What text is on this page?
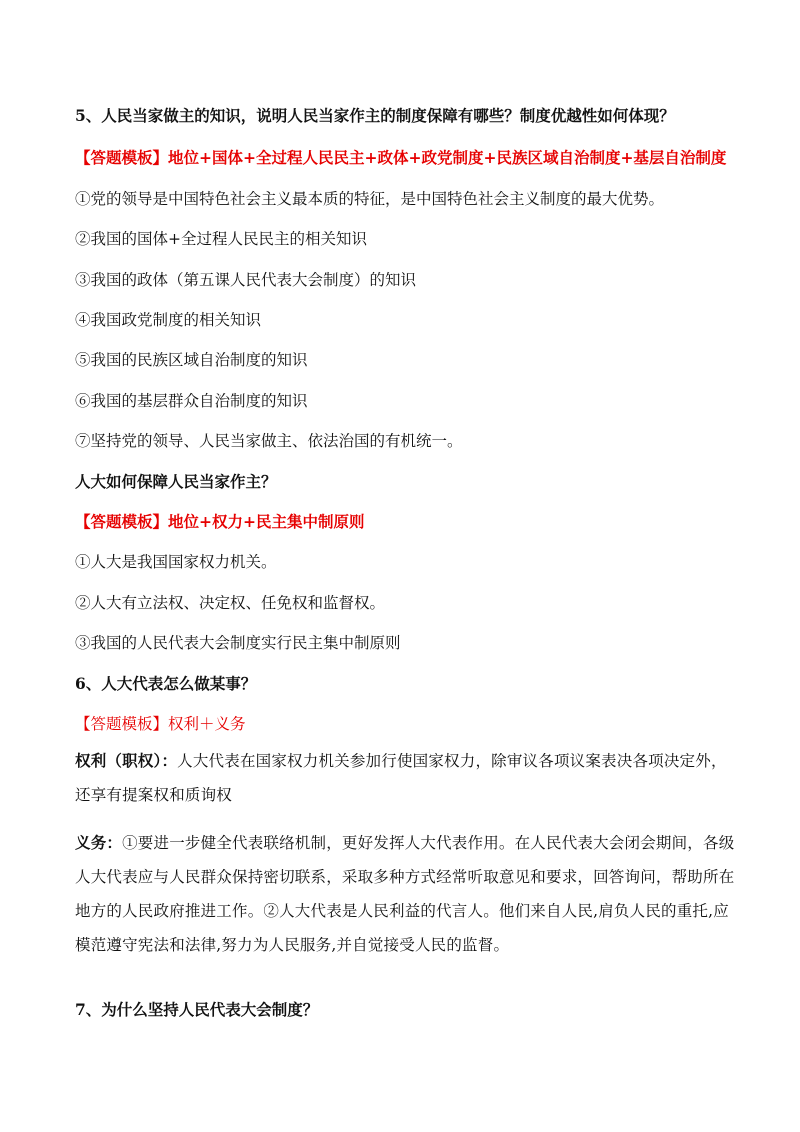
5、人民当家做主的知识，说明人民当家作主的制度保障有哪些？制度优越性如何体现？
【答题模板】地位+国体+全过程人民民主+政体+政党制度+民族区域自治制度+基层自治制度
①党的领导是中国特色社会主义最本质的特征，是中国特色社会主义制度的最大优势。
②我国的国体+全过程人民民主的相关知识
③我国的政体（第五课人民代表大会制度）的知识
④我国政党制度的相关知识
⑤我国的民族区域自治制度的知识
⑥我国的基层群众自治制度的知识
⑦坚持党的领导、人民当家做主、依法治国的有机统一。
人大如何保障人民当家作主？
【答题模板】地位+权力+民主集中制原则
①人大是我国国家权力机关。
②人大有立法权、决定权、任免权和监督权。
③我国的人民代表大会制度实行民主集中制原则
6、人大代表怎么做某事？
【答题模板】权利＋义务
权利（职权）：人大代表在国家权力机关参加行使国家权力，除审议各项议案表决各项决定外，还享有提案权和质询权
义务：①要进一步健全代表联络机制，更好发挥人大代表作用。在人民代表大会闭会期间，各级人大代表应与人民群众保持密切联系，采取多种方式经常听取意见和要求，回答询问，帮助所在地方的人民政府推进工作。②人大代表是人民利益的代言人。他们来自人民,肩负人民的重托,应模范遵守宪法和法律,努力为人民服务,并自觉接受人民的监督。
7、为什么坚持人民代表大会制度？
